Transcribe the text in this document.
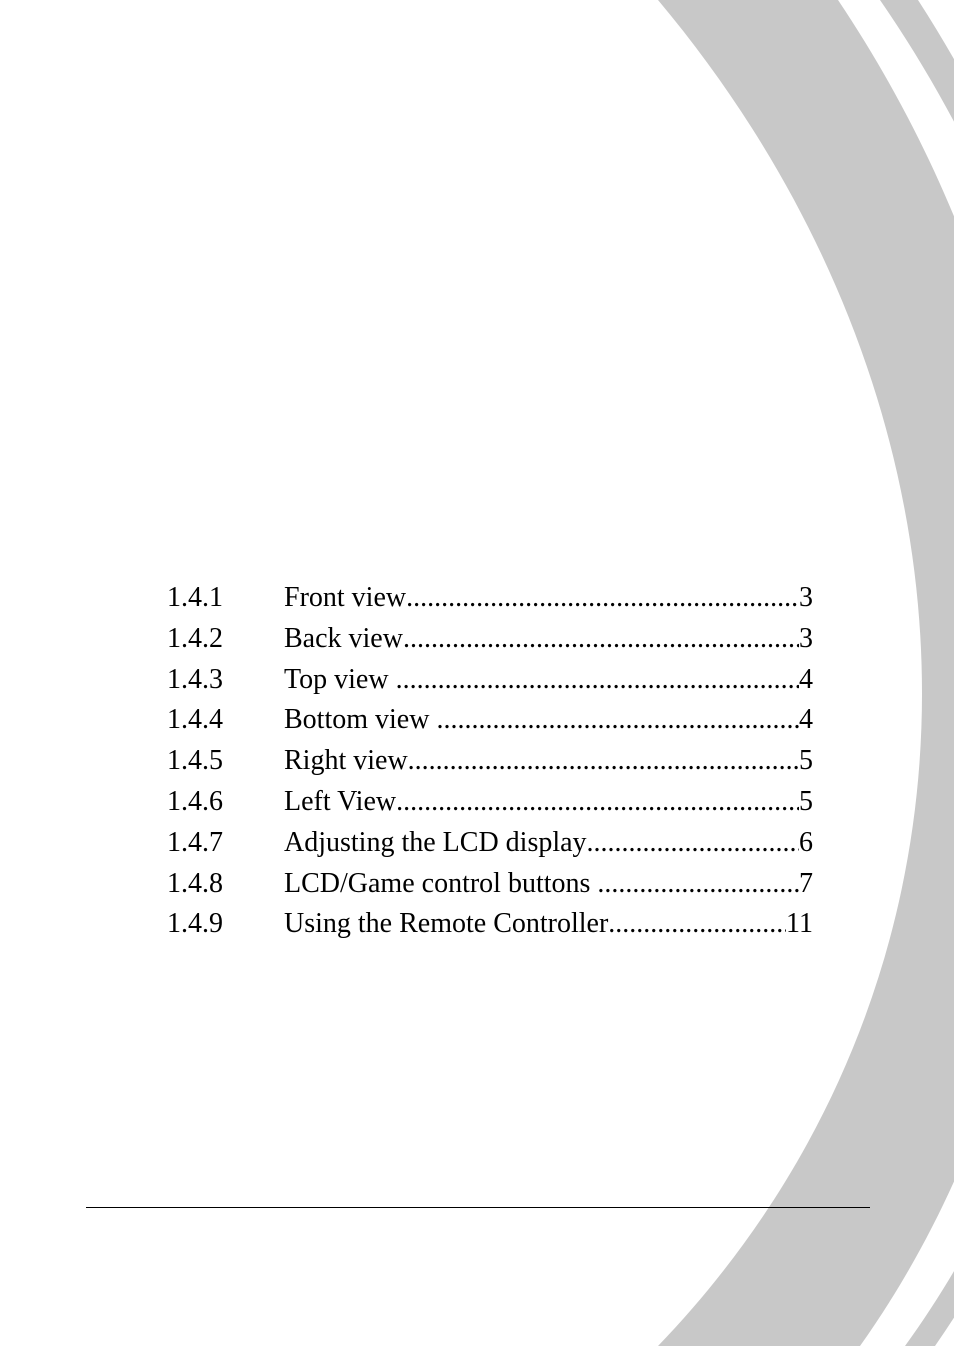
1.4.1	Front view .....	3
1.4.2	Back view .....	3
1.4.3	Top view .....	4
1.4.4	Bottom view .....	4
1.4.5	Right view .....	5
1.4.6	Left View .....	5
1.4.7	Adjusting the LCD display .....	6
1.4.8	LCD/Game control buttons .....	7
1.4.9	Using the Remote Controller .....	11
